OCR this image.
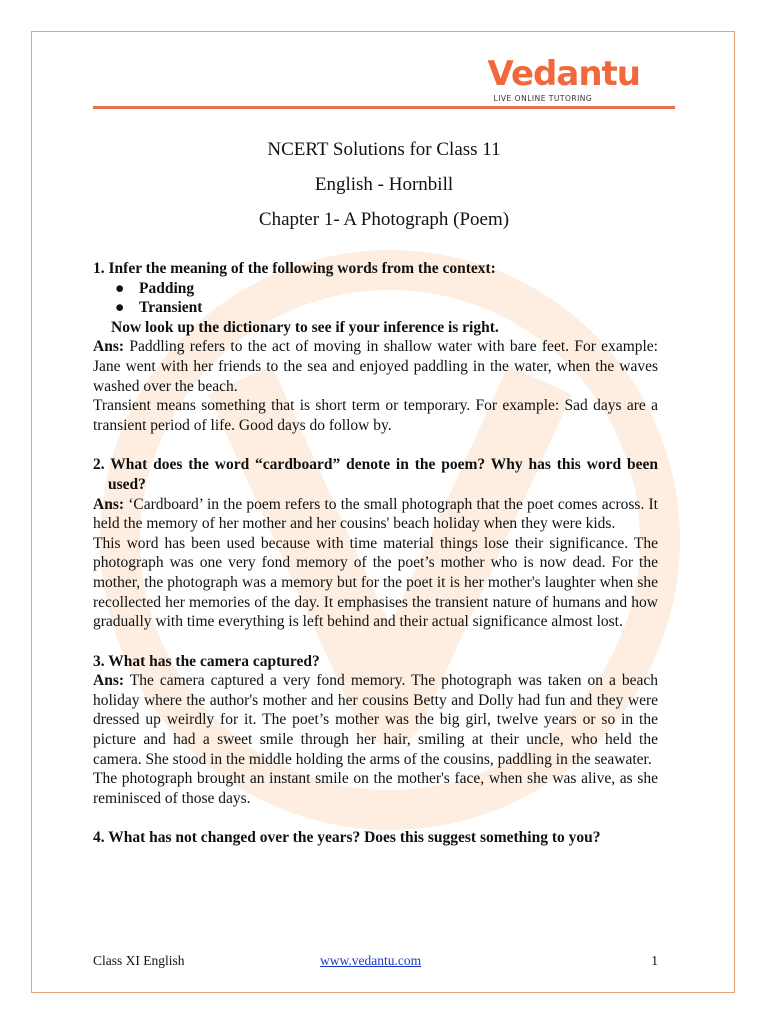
Vedantu
LIVE ONLINE TUTORING
NCERT Solutions for Class 11
English - Hornbill
Chapter 1- A Photograph (Poem)
1. Infer the meaning of the following words from the context:
● Padding
● Transient
Now look up the dictionary to see if your inference is right.
Ans: Paddling refers to the act of moving in shallow water with bare feet. For example: Jane went with her friends to the sea and enjoyed paddling in the water, when the waves washed over the beach.
Transient means something that is short term or temporary. For example: Sad days are a transient period of life. Good days do follow by.
2. What does the word “cardboard” denote in the poem? Why has this word been used?
Ans: ‘Cardboard’ in the poem refers to the small photograph that the poet comes across. It held the memory of her mother and her cousins' beach holiday when they were kids.
This word has been used because with time material things lose their significance. The photograph was one very fond memory of the poet’s mother who is now dead. For the mother, the photograph was a memory but for the poet it is her mother's laughter when she recollected her memories of the day. It emphasises the transient nature of humans and how gradually with time everything is left behind and their actual significance almost lost.
3. What has the camera captured?
Ans: The camera captured a very fond memory. The photograph was taken on a beach holiday where the author's mother and her cousins Betty and Dolly had fun and they were dressed up weirdly for it. The poet’s mother was the big girl, twelve years or so in the picture and had a sweet smile through her hair, smiling at their uncle, who held the camera. She stood in the middle holding the arms of the cousins, paddling in the seawater.
The photograph brought an instant smile on the mother's face, when she was alive, as she reminisced of those days.
4. What has not changed over the years? Does this suggest something to you?
Class XI English	www.vedantu.com	1
